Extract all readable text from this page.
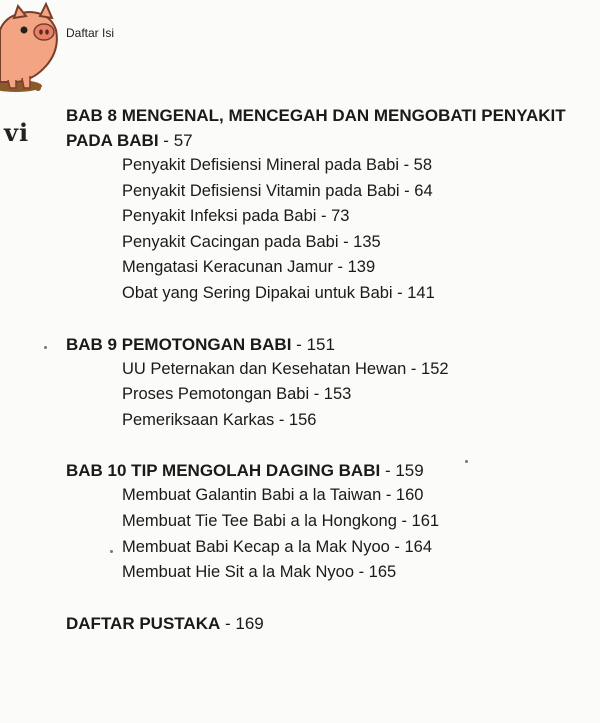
Daftar Isi
vi
BAB 8 MENGENAL, MENCEGAH DAN MENGOBATI PENYAKIT
PADA BABI - 57
Penyakit Defisiensi Mineral pada Babi - 58
Penyakit Defisiensi Vitamin pada Babi - 64
Penyakit Infeksi pada Babi - 73
Penyakit Cacingan pada Babi - 135
Mengatasi Keracunan Jamur - 139
Obat yang Sering Dipakai untuk Babi - 141
BAB 9 PEMOTONGAN BABI - 151
UU Peternakan dan Kesehatan Hewan - 152
Proses Pemotongan Babi - 153
Pemeriksaan Karkas - 156
BAB 10 TIP MENGOLAH DAGING BABI - 159
Membuat Galantin Babi a la Taiwan - 160
Membuat Tie Tee Babi a la Hongkong - 161
Membuat Babi Kecap a la Mak Nyoo - 164
Membuat Hie Sit a la Mak Nyoo - 165
DAFTAR PUSTAKA - 169
